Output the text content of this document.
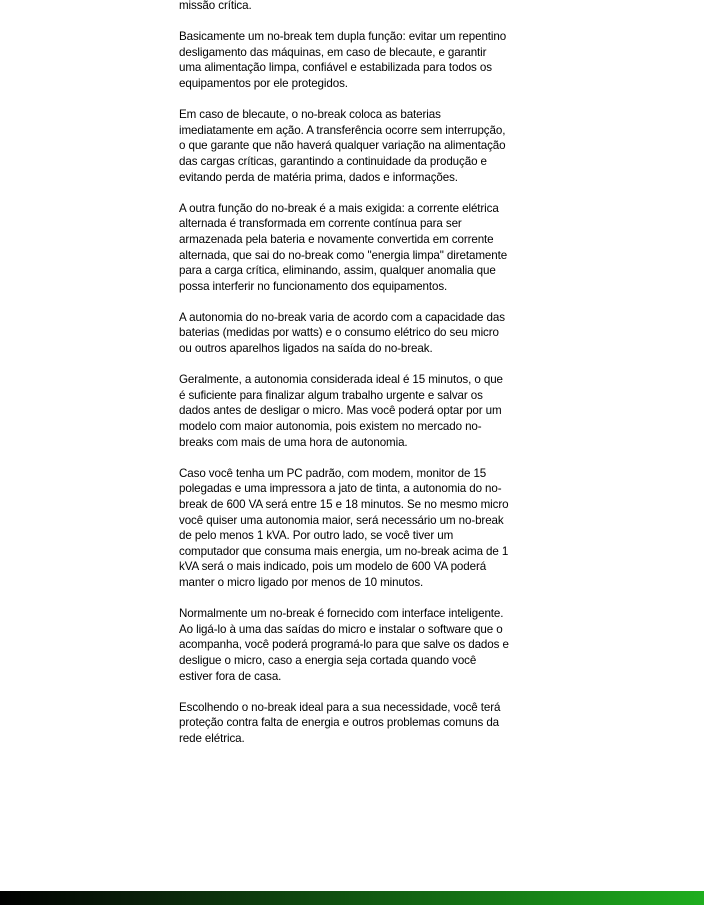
missão crítica.

Basicamente um no-break tem dupla função: evitar um repentino desligamento das máquinas, em caso de blecaute, e garantir uma alimentação limpa, confiável e estabilizada para todos os equipamentos por ele protegidos.

Em caso de blecaute, o no-break coloca as baterias imediatamente em ação. A transferência ocorre sem interrupção, o que garante que não haverá qualquer variação na alimentação das cargas críticas, garantindo a continuidade da produção e evitando perda de matéria prima, dados e informações.

A outra função do no-break é a mais exigida: a corrente elétrica alternada é transformada em corrente contínua para ser armazenada pela bateria e novamente convertida em corrente alternada, que sai do no-break como "energia limpa" diretamente para a carga crítica, eliminando, assim, qualquer anomalia que possa interferir no funcionamento dos equipamentos.

A autonomia do no-break varia de acordo com a capacidade das baterias (medidas por watts) e o consumo elétrico do seu micro ou outros aparelhos ligados na saída do no-break.

Geralmente, a autonomia considerada ideal é 15 minutos, o que é suficiente para finalizar algum trabalho urgente e salvar os dados antes de desligar o micro. Mas você poderá optar por um modelo com maior autonomia, pois existem no mercado no-breaks com mais de uma hora de autonomia.

Caso você tenha um PC padrão, com modem, monitor de 15 polegadas e uma impressora a jato de tinta, a autonomia do no-break de 600 VA será entre 15 e 18 minutos. Se no mesmo micro você quiser uma autonomia maior, será necessário um no-break de pelo menos 1 kVA. Por outro lado, se você tiver um computador que consuma mais energia, um no-break acima de 1 kVA será o mais indicado, pois um modelo de 600 VA poderá manter o micro ligado por menos de 10 minutos.

Normalmente um no-break é fornecido com interface inteligente. Ao ligá-lo à uma das saídas do micro e instalar o software que o acompanha, você poderá programá-lo para que salve os dados e desligue o micro, caso a energia seja cortada quando você estiver fora de casa.

Escolhendo o no-break ideal para a sua necessidade, você terá proteção contra falta de energia e outros problemas comuns da rede elétrica.
